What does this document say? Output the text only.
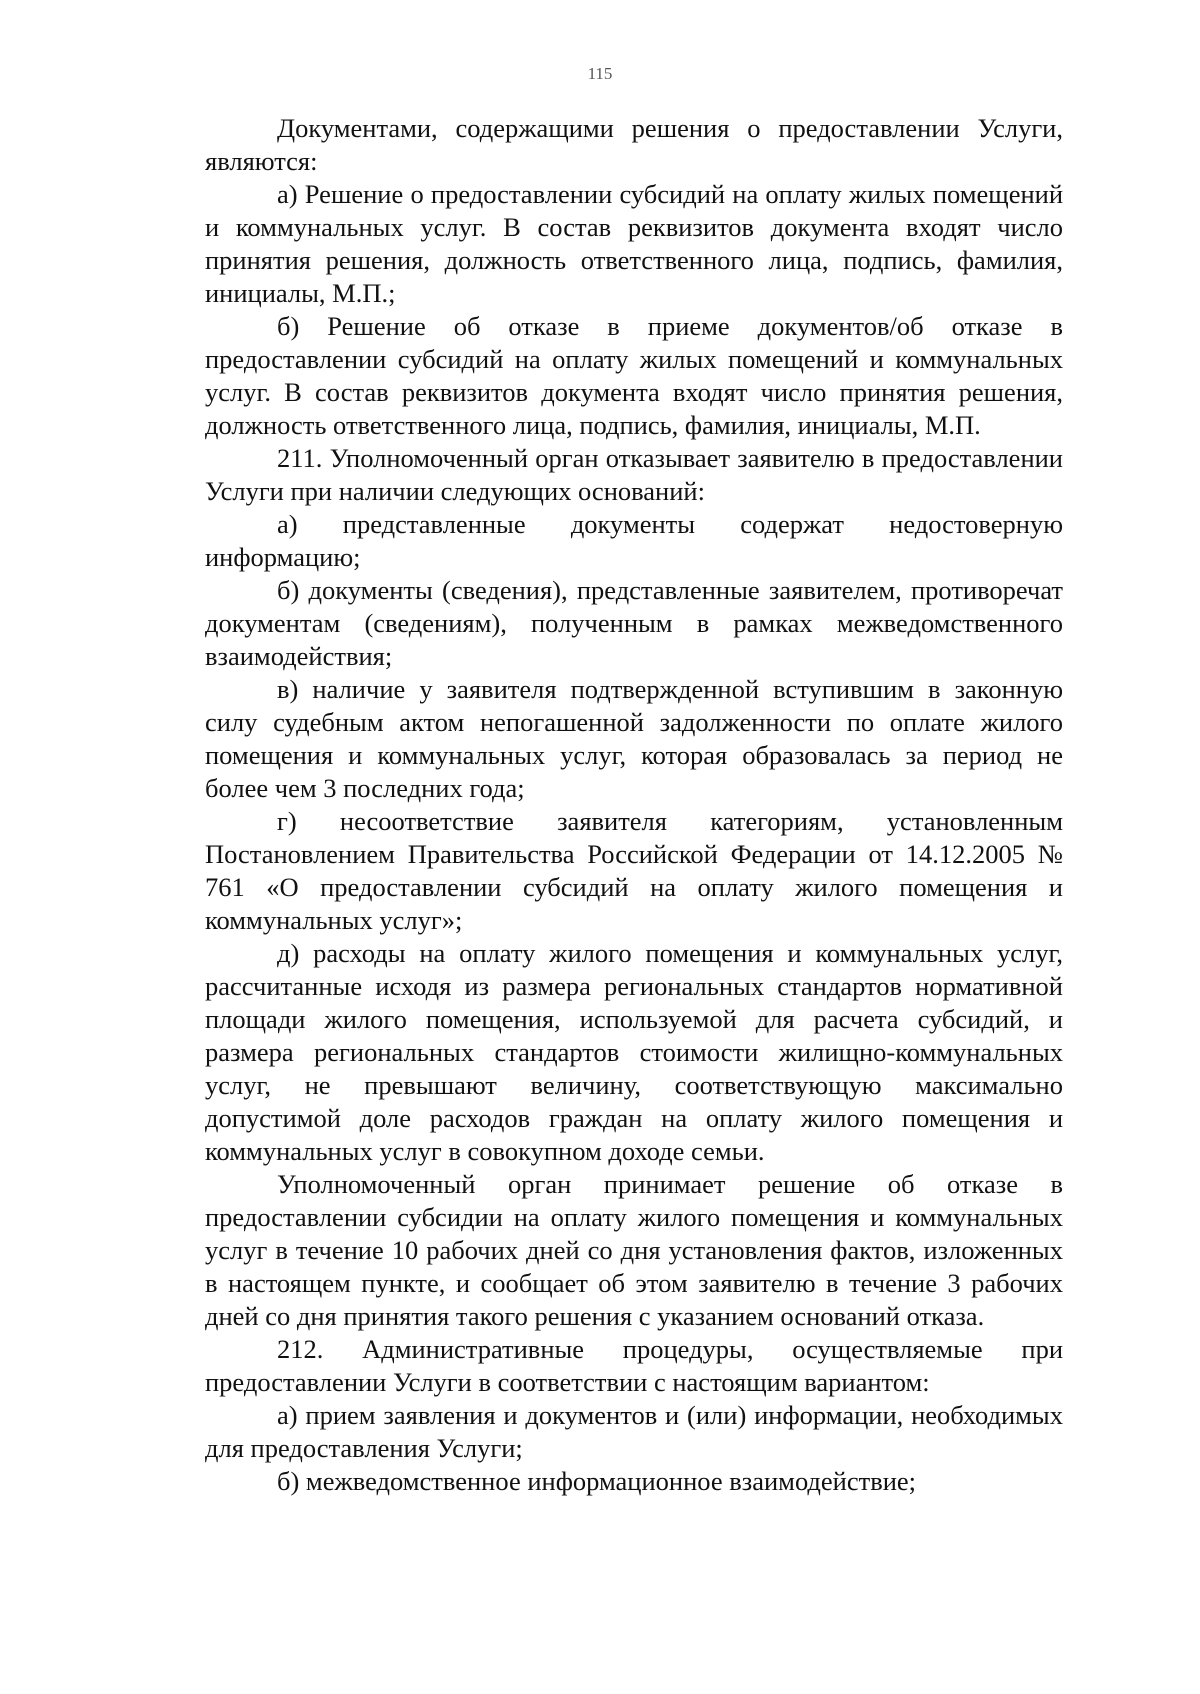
115

Документами, содержащими решения о предоставлении Услуги, являются:

а) Решение о предоставлении субсидий на оплату жилых помещений и коммунальных услуг. В состав реквизитов документа входят число принятия решения, должность ответственного лица, подпись, фамилия, инициалы, М.П.;

б) Решение об отказе в приеме документов/об отказе в предоставлении субсидий на оплату жилых помещений и коммунальных услуг. В состав реквизитов документа входят число принятия решения, должность ответственного лица, подпись, фамилия, инициалы, М.П.

211. Уполномоченный орган отказывает заявителю в предоставлении Услуги при наличии следующих оснований:

а) представленные документы содержат недостоверную информацию;

б) документы (сведения), представленные заявителем, противоречат документам (сведениям), полученным в рамках межведомственного взаимодействия;

в) наличие у заявителя подтвержденной вступившим в законную силу судебным актом непогашенной задолженности по оплате жилого помещения и коммунальных услуг, которая образовалась за период не более чем 3 последних года;

г) несоответствие заявителя категориям, установленным Постановлением Правительства Российской Федерации от 14.12.2005 № 761 «О предоставлении субсидий на оплату жилого помещения и коммунальных услуг»;

д) расходы на оплату жилого помещения и коммунальных услуг, рассчитанные исходя из размера региональных стандартов нормативной площади жилого помещения, используемой для расчета субсидий, и размера региональных стандартов стоимости жилищно-коммунальных услуг, не превышают величину, соответствующую максимально допустимой доле расходов граждан на оплату жилого помещения и коммунальных услуг в совокупном доходе семьи.

Уполномоченный орган принимает решение об отказе в предоставлении субсидии на оплату жилого помещения и коммунальных услуг в течение 10 рабочих дней со дня установления фактов, изложенных в настоящем пункте, и сообщает об этом заявителю в течение 3 рабочих дней со дня принятия такого решения с указанием оснований отказа.

212. Административные процедуры, осуществляемые при предоставлении Услуги в соответствии с настоящим вариантом:

а) прием заявления и документов и (или) информации, необходимых для предоставления Услуги;

б) межведомственное информационное взаимодействие;
